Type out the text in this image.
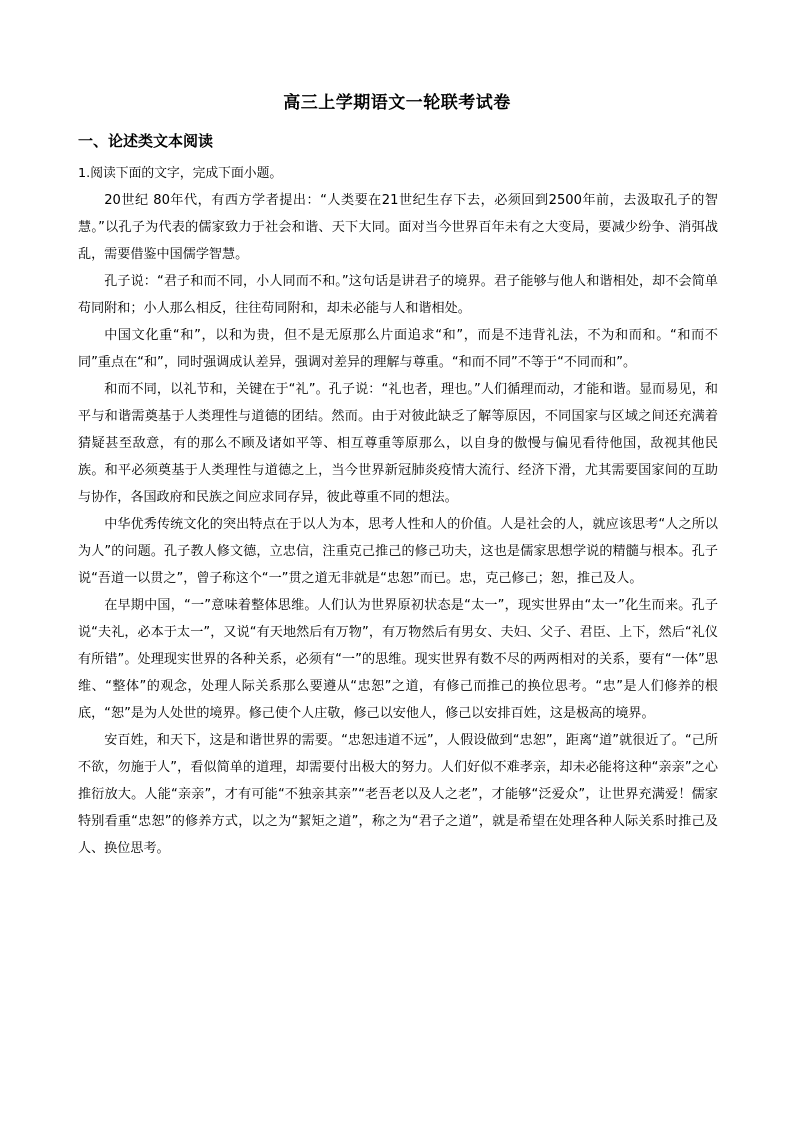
高三上学期语文一轮联考试卷
一、论述类文本阅读

1.阅读下面的文字，完成下面小题。

20世纪 80年代，有西方学者提出：“人类要在21世纪生存下去，必须回到2500年前，去汲取孔子的智慧。”以孔子为代表的儒家致力于社会和谐、天下大同。面对当今世界百年未有之大变局，要减少纷争、消弭战乱，需要借鉴中国儒学智慧。

孔子说：“君子和而不同，小人同而不和。”这句话是讲君子的境界。君子能够与他人和谐相处，却不会简单苟同附和；小人那么相反，往往苟同附和，却未必能与人和谐相处。

中国文化重“和”，以和为贵，但不是无原那么片面追求“和”，而是不违背礼法，不为和而和。“和而不同”重点在“和”，同时强调成认差异，强调对差异的理解与尊重。“和而不同”不等于“不同而和”。

和而不同，以礼节和，关键在于“礼”。孔子说：“礼也者，理也。”人们循理而动，才能和谐。显而易见，和平与和谐需奠基于人类理性与道德的团结。然而。由于对彼此缺乏了解等原因，不同国家与区域之间还充满着猜疑甚至敌意，有的那么不顾及诸如平等、相互尊重等原那么，以自身的傲慢与偏见看待他国，敌视其他民族。和平必须奠基于人类理性与道德之上，当今世界新冠肺炎疫情大流行、经济下滑，尤其需要国家间的互助与协作，各国政府和民族之间应求同存异，彼此尊重不同的想法。

中华优秀传统文化的突出特点在于以人为本，思考人性和人的价值。人是社会的人，就应该思考“人之所以为人”的问题。孔子教人修文德，立忠信，注重克己推己的修己功夫，这也是儒家思想学说的精髓与根本。孔子说“吾道一以贯之”，曾子称这个“一”贯之道无非就是“忠恕”而已。忠，克己修己；恕，推己及人。

在早期中国，“一”意味着整体思维。人们认为世界原初状态是“太一”，现实世界由“太一”化生而来。孔子说“夫礼，必本于太一”，又说“有天地然后有万物”，有万物然后有男女、夫妇、父子、君臣、上下，然后“礼仪有所错”。处理现实世界的各种关系，必须有“一”的思维。现实世界有数不尽的两两相对的关系，要有“一体”思维、“整体”的观念，处理人际关系那么要遵从“忠恕”之道，有修己而推己的换位思考。“忠”是人们修养的根底，“恕”是为人处世的境界。修己使个人庄敬，修己以安他人，修己以安排百姓，这是极高的境界。

安百姓，和天下，这是和谐世界的需要。“忠恕违道不远”，人假设做到“忠恕”，距离“道”就很近了。“己所不欲，勿施于人”，看似简单的道理，却需要付出极大的努力。人们好似不难孝亲，却未必能将这种“亲亲”之心推衍放大。人能“亲亲”，才有可能“不独亲其亲”“老吾老以及人之老”，才能够“泛爱众”，让世界充满爱！儒家特别看重“忠恕”的修养方式，以之为“絜矩之道”，称之为“君子之道”，就是希望在处理各种人际关系时推己及人、换位思考。
